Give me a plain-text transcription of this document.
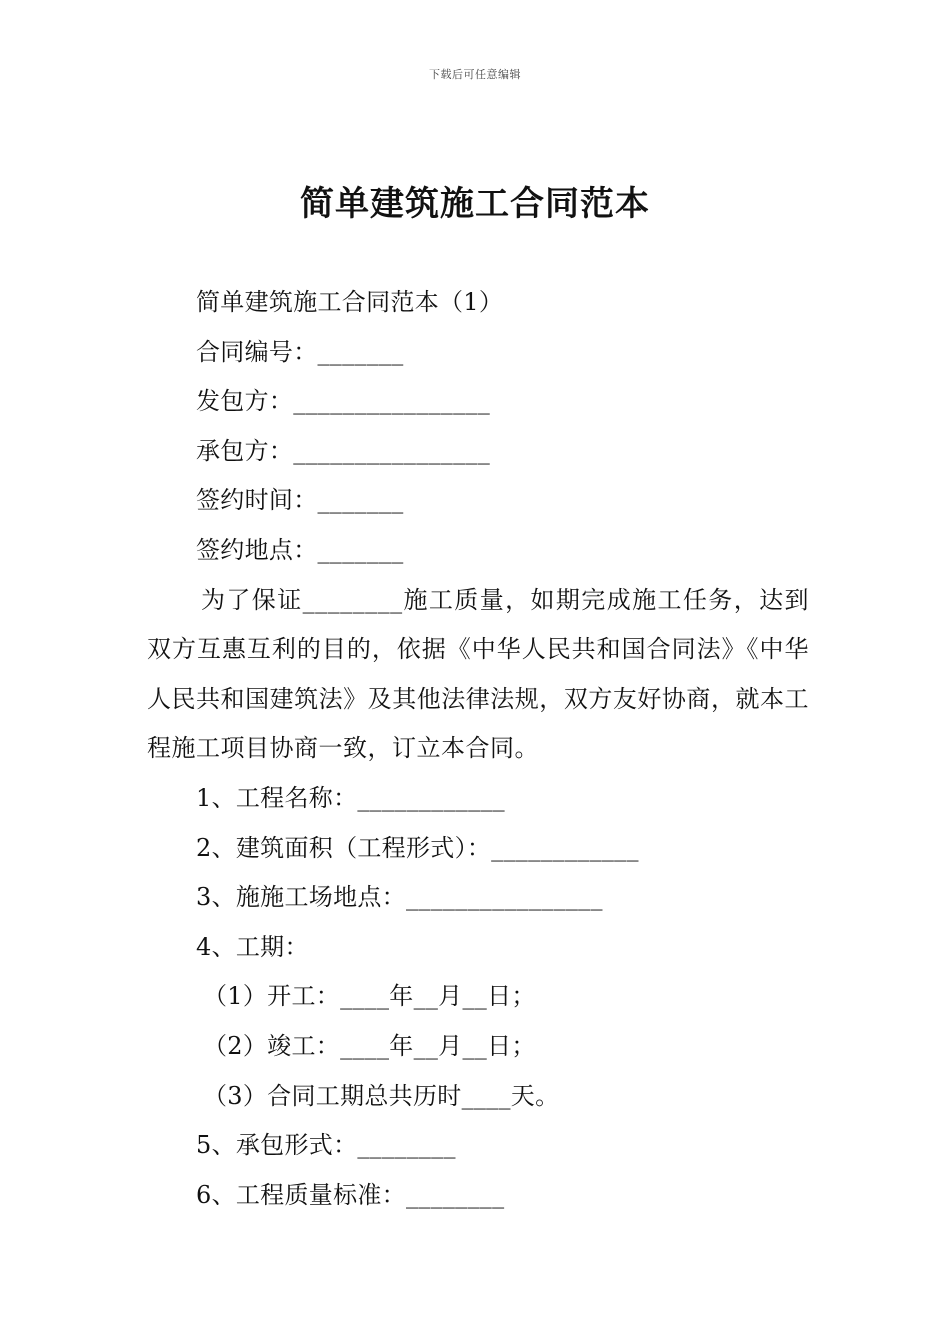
下载后可任意编辑
简单建筑施工合同范本
简单建筑施工合同范本（1）
合同编号：_______
发包方：________________
承包方：________________
签约时间：_______
签约地点：_______

为了保证________施工质量，如期完成施工任务，达到双方互惠互利的目的，依据《中华人民共和国合同法》《中华人民共和国建筑法》及其他法律法规，双方友好协商，就本工程施工项目协商一致，订立本合同。

1、工程名称：____________
2、建筑面积（工程形式）：____________
3、施施工场地点：________________
4、工期：
（1）开工：____年__月__日；
（2）竣工：____年__月__日；
（3）合同工期总共历时____天。
5、承包形式：________
6、工程质量标准：________
